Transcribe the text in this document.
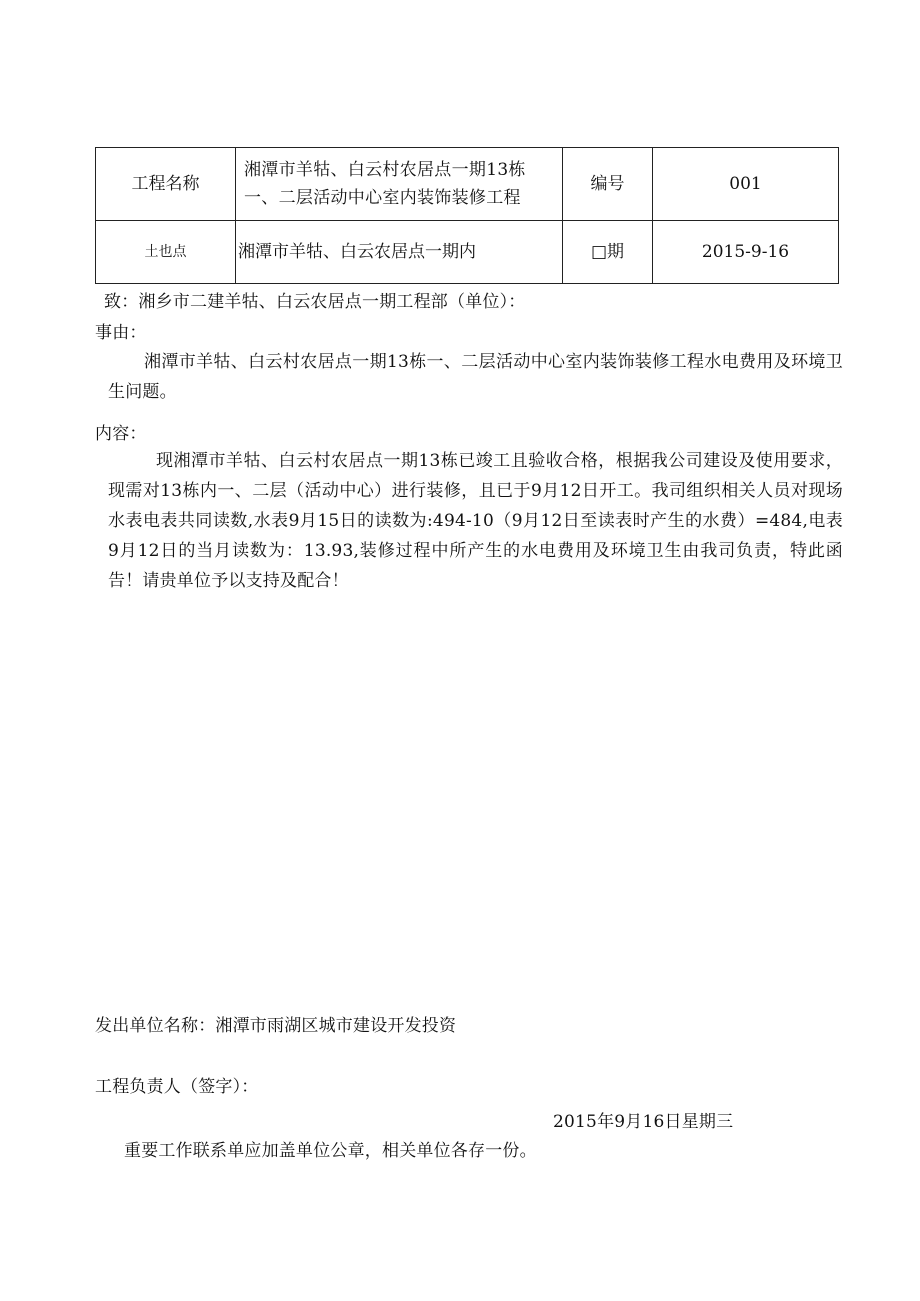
工程名称	湘潭市羊牯、白云村农居点一期13栋一、二层活动中心室内装饰装修工程	编号	001
土也点	湘潭市羊牯、白云农居点一期内	□期	2015-9-16
致：湘乡市二建羊牯、白云农居点一期工程部（单位）：
事由：
湘潭市羊牯、白云村农居点一期13栋一、二层活动中心室内装饰装修工程水电费用及环境卫生问题。
内容：
现湘潭市羊牯、白云村农居点一期13栋已竣工且验收合格，根据我公司建设及使用要求，现需对13栋内一、二层（活动中心）进行装修，且已于9月12日开工。我司组织相关人员对现场水表电表共同读数,水表9月15日的读数为:494-10（9月12日至读表时产生的水费）=484,电表9月12日的当月读数为：13.93,装修过程中所产生的水电费用及环境卫生由我司负责，特此函告！请贵单位予以支持及配合！
发出单位名称：湘潭市雨湖区城市建设开发投资
工程负责人（签字）：
2015年9月16日星期三
重要工作联系单应加盖单位公章，相关单位各存一份。
